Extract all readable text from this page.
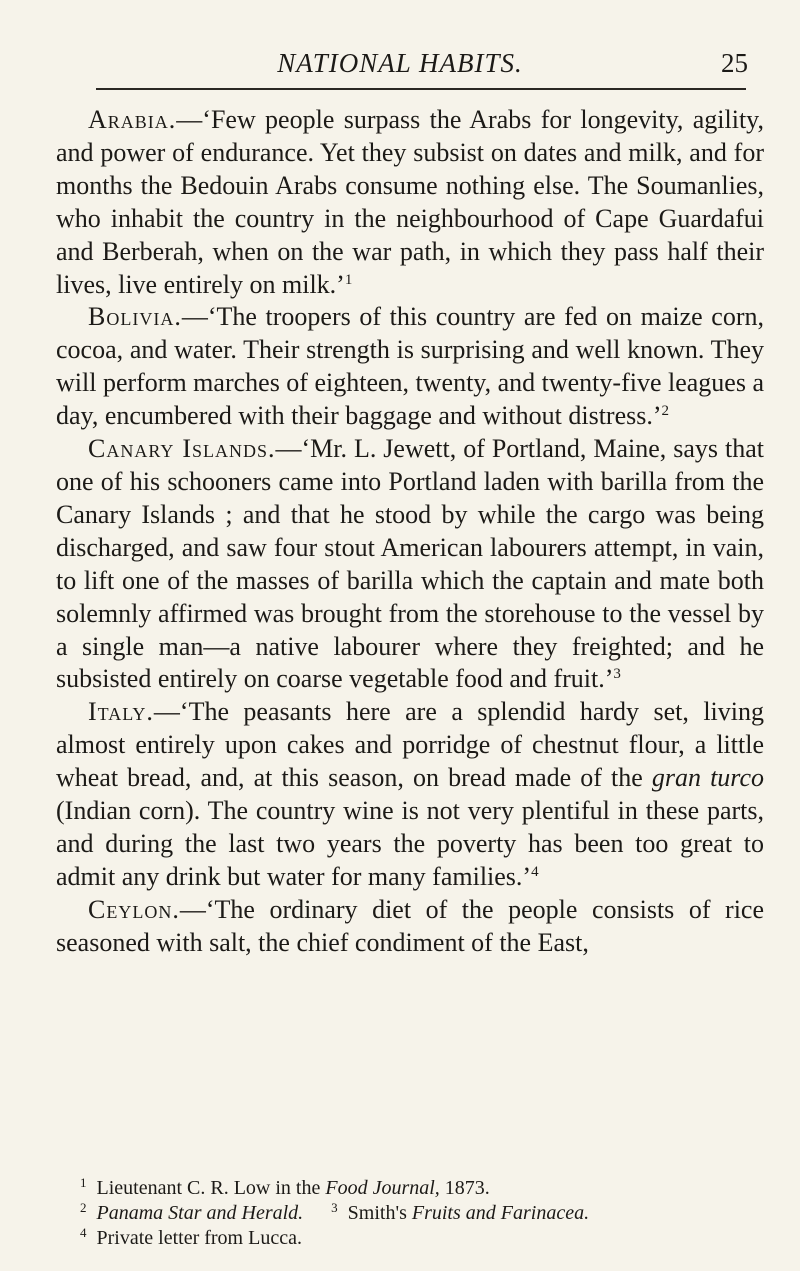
NATIONAL HABITS.	25

Arabia.—‘Few people surpass the Arabs for longevity, agility, and power of endurance. Yet they subsist on dates and milk, and for months the Bedouin Arabs consume nothing else. The Soumanlies, who inhabit the country in the neighbourhood of Cape Guardafui and Berberah, when on the war path, in which they pass half their lives, live entirely on milk.’$^1$

Bolivia.—‘The troopers of this country are fed on maize corn, cocoa, and water. Their strength is surprising and well known. They will perform marches of eighteen, twenty, and twenty-five leagues a day, encumbered with their baggage and without distress.’$^2$

Canary Islands.—‘Mr. L. Jewett, of Portland, Maine, says that one of his schooners came into Portland laden with barilla from the Canary Islands ; and that he stood by while the cargo was being discharged, and saw four stout American labourers attempt, in vain, to lift one of the masses of barilla which the captain and mate both solemnly affirmed was brought from the storehouse to the vessel by a single man—a native labourer where they freighted; and he subsisted entirely on coarse vegetable food and fruit.’$^3$

Italy.—‘The peasants here are a splendid hardy set, living almost entirely upon cakes and porridge of chestnut flour, a little wheat bread, and, at this season, on bread made of the gran turco (Indian corn). The country wine is not very plentiful in these parts, and during the last two years the poverty has been too great to admit any drink but water for many families.’$^4$

Ceylon.—‘The ordinary diet of the people consists of rice seasoned with salt, the chief condiment of the East,

$^1$ Lieutenant C. R. Low in the Food Journal, 1873.
$^2$ Panama Star and Herald. $^3$ Smith's Fruits and Farinacea.
$^4$ Private letter from Lucca.
